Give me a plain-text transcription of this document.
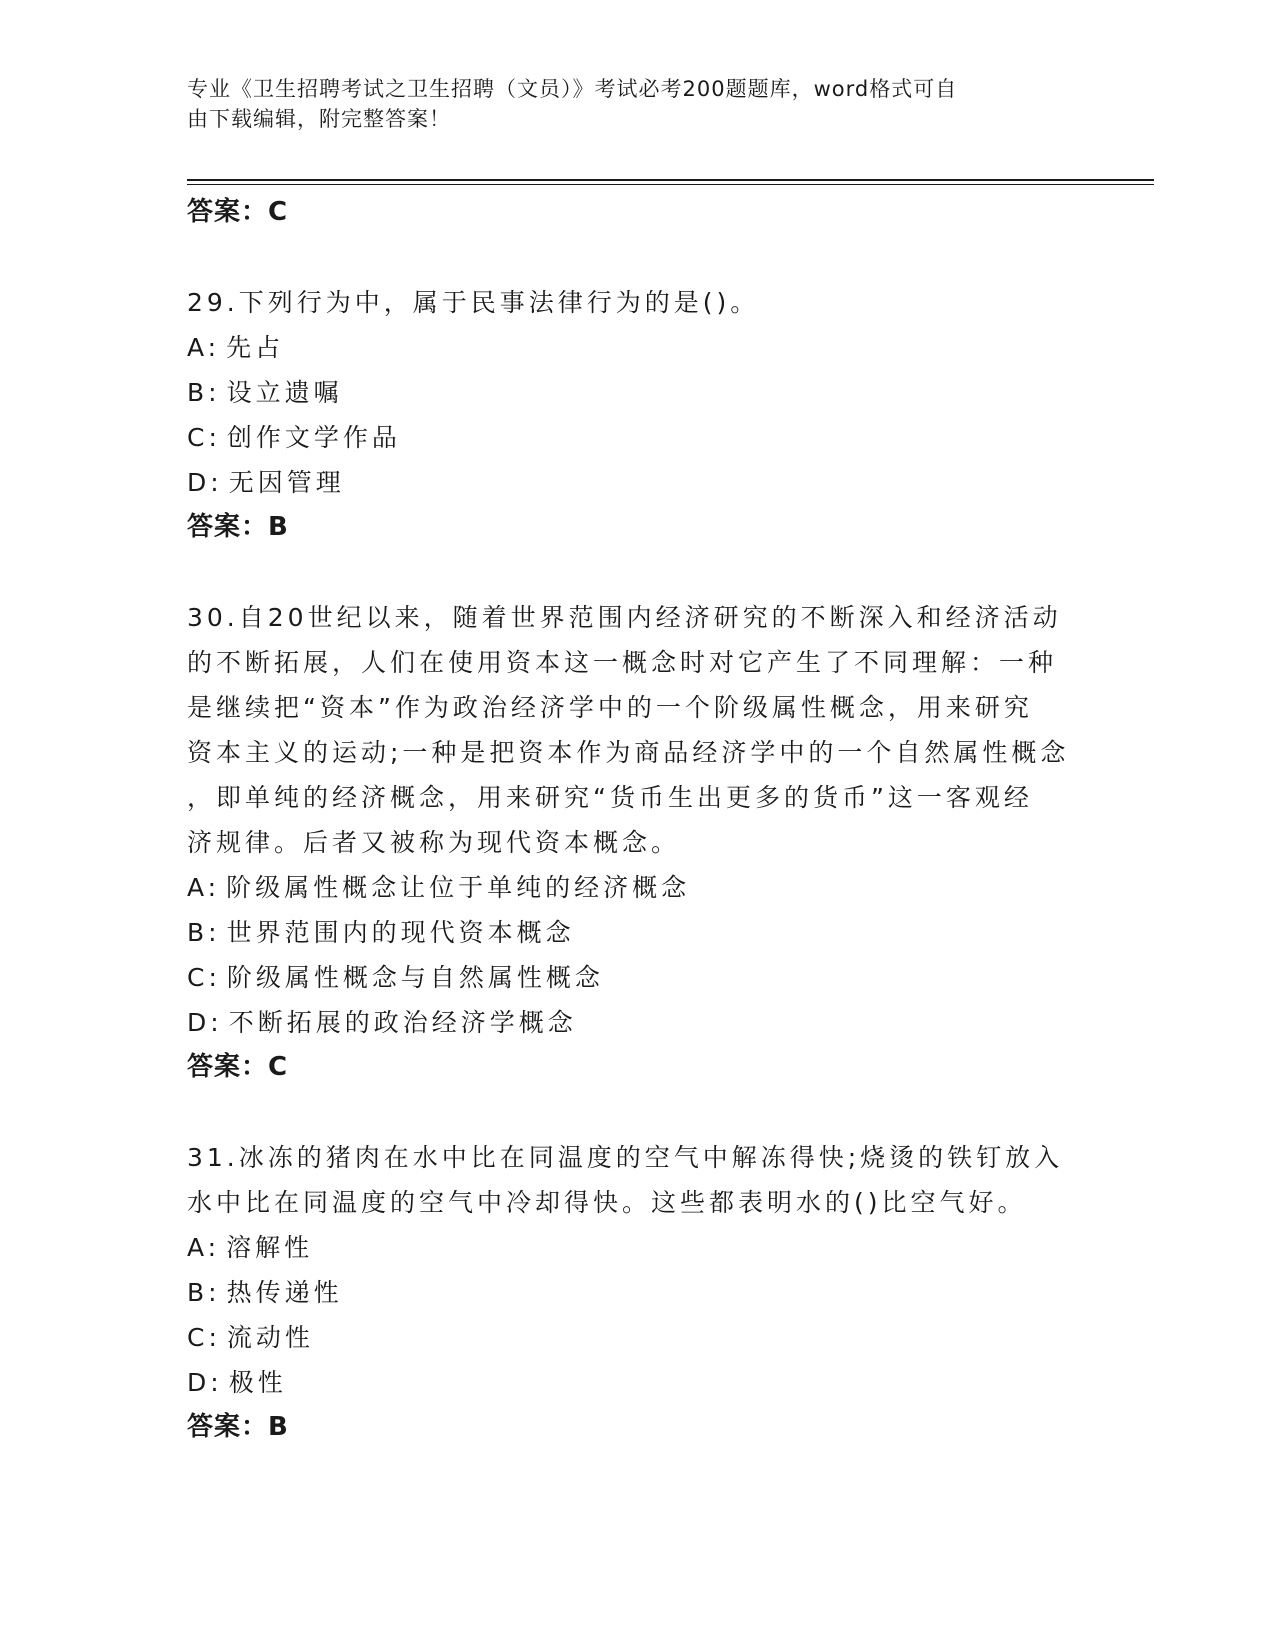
专业《卫生招聘考试之卫生招聘（文员）》考试必考200题题库，word格式可自
由下载编辑，附完整答案！
答案：C
29.下列行为中，属于民事法律行为的是()。
A: 先占
B: 设立遗嘱
C: 创作文学作品
D: 无因管理
答案：B
30.自20世纪以来，随着世界范围内经济研究的不断深入和经济活动
的不断拓展，人们在使用资本这一概念时对它产生了不同理解：一种
是继续把“资本”作为政治经济学中的一个阶级属性概念，用来研究
资本主义的运动;一种是把资本作为商品经济学中的一个自然属性概念
，即单纯的经济概念，用来研究“货币生出更多的货币”这一客观经
济规律。后者又被称为现代资本概念。
A: 阶级属性概念让位于单纯的经济概念
B: 世界范围内的现代资本概念
C: 阶级属性概念与自然属性概念
D: 不断拓展的政治经济学概念
答案：C
31.冰冻的猪肉在水中比在同温度的空气中解冻得快;烧烫的铁钉放入
水中比在同温度的空气中冷却得快。这些都表明水的()比空气好。
A: 溶解性
B: 热传递性
C: 流动性
D: 极性
答案：B
